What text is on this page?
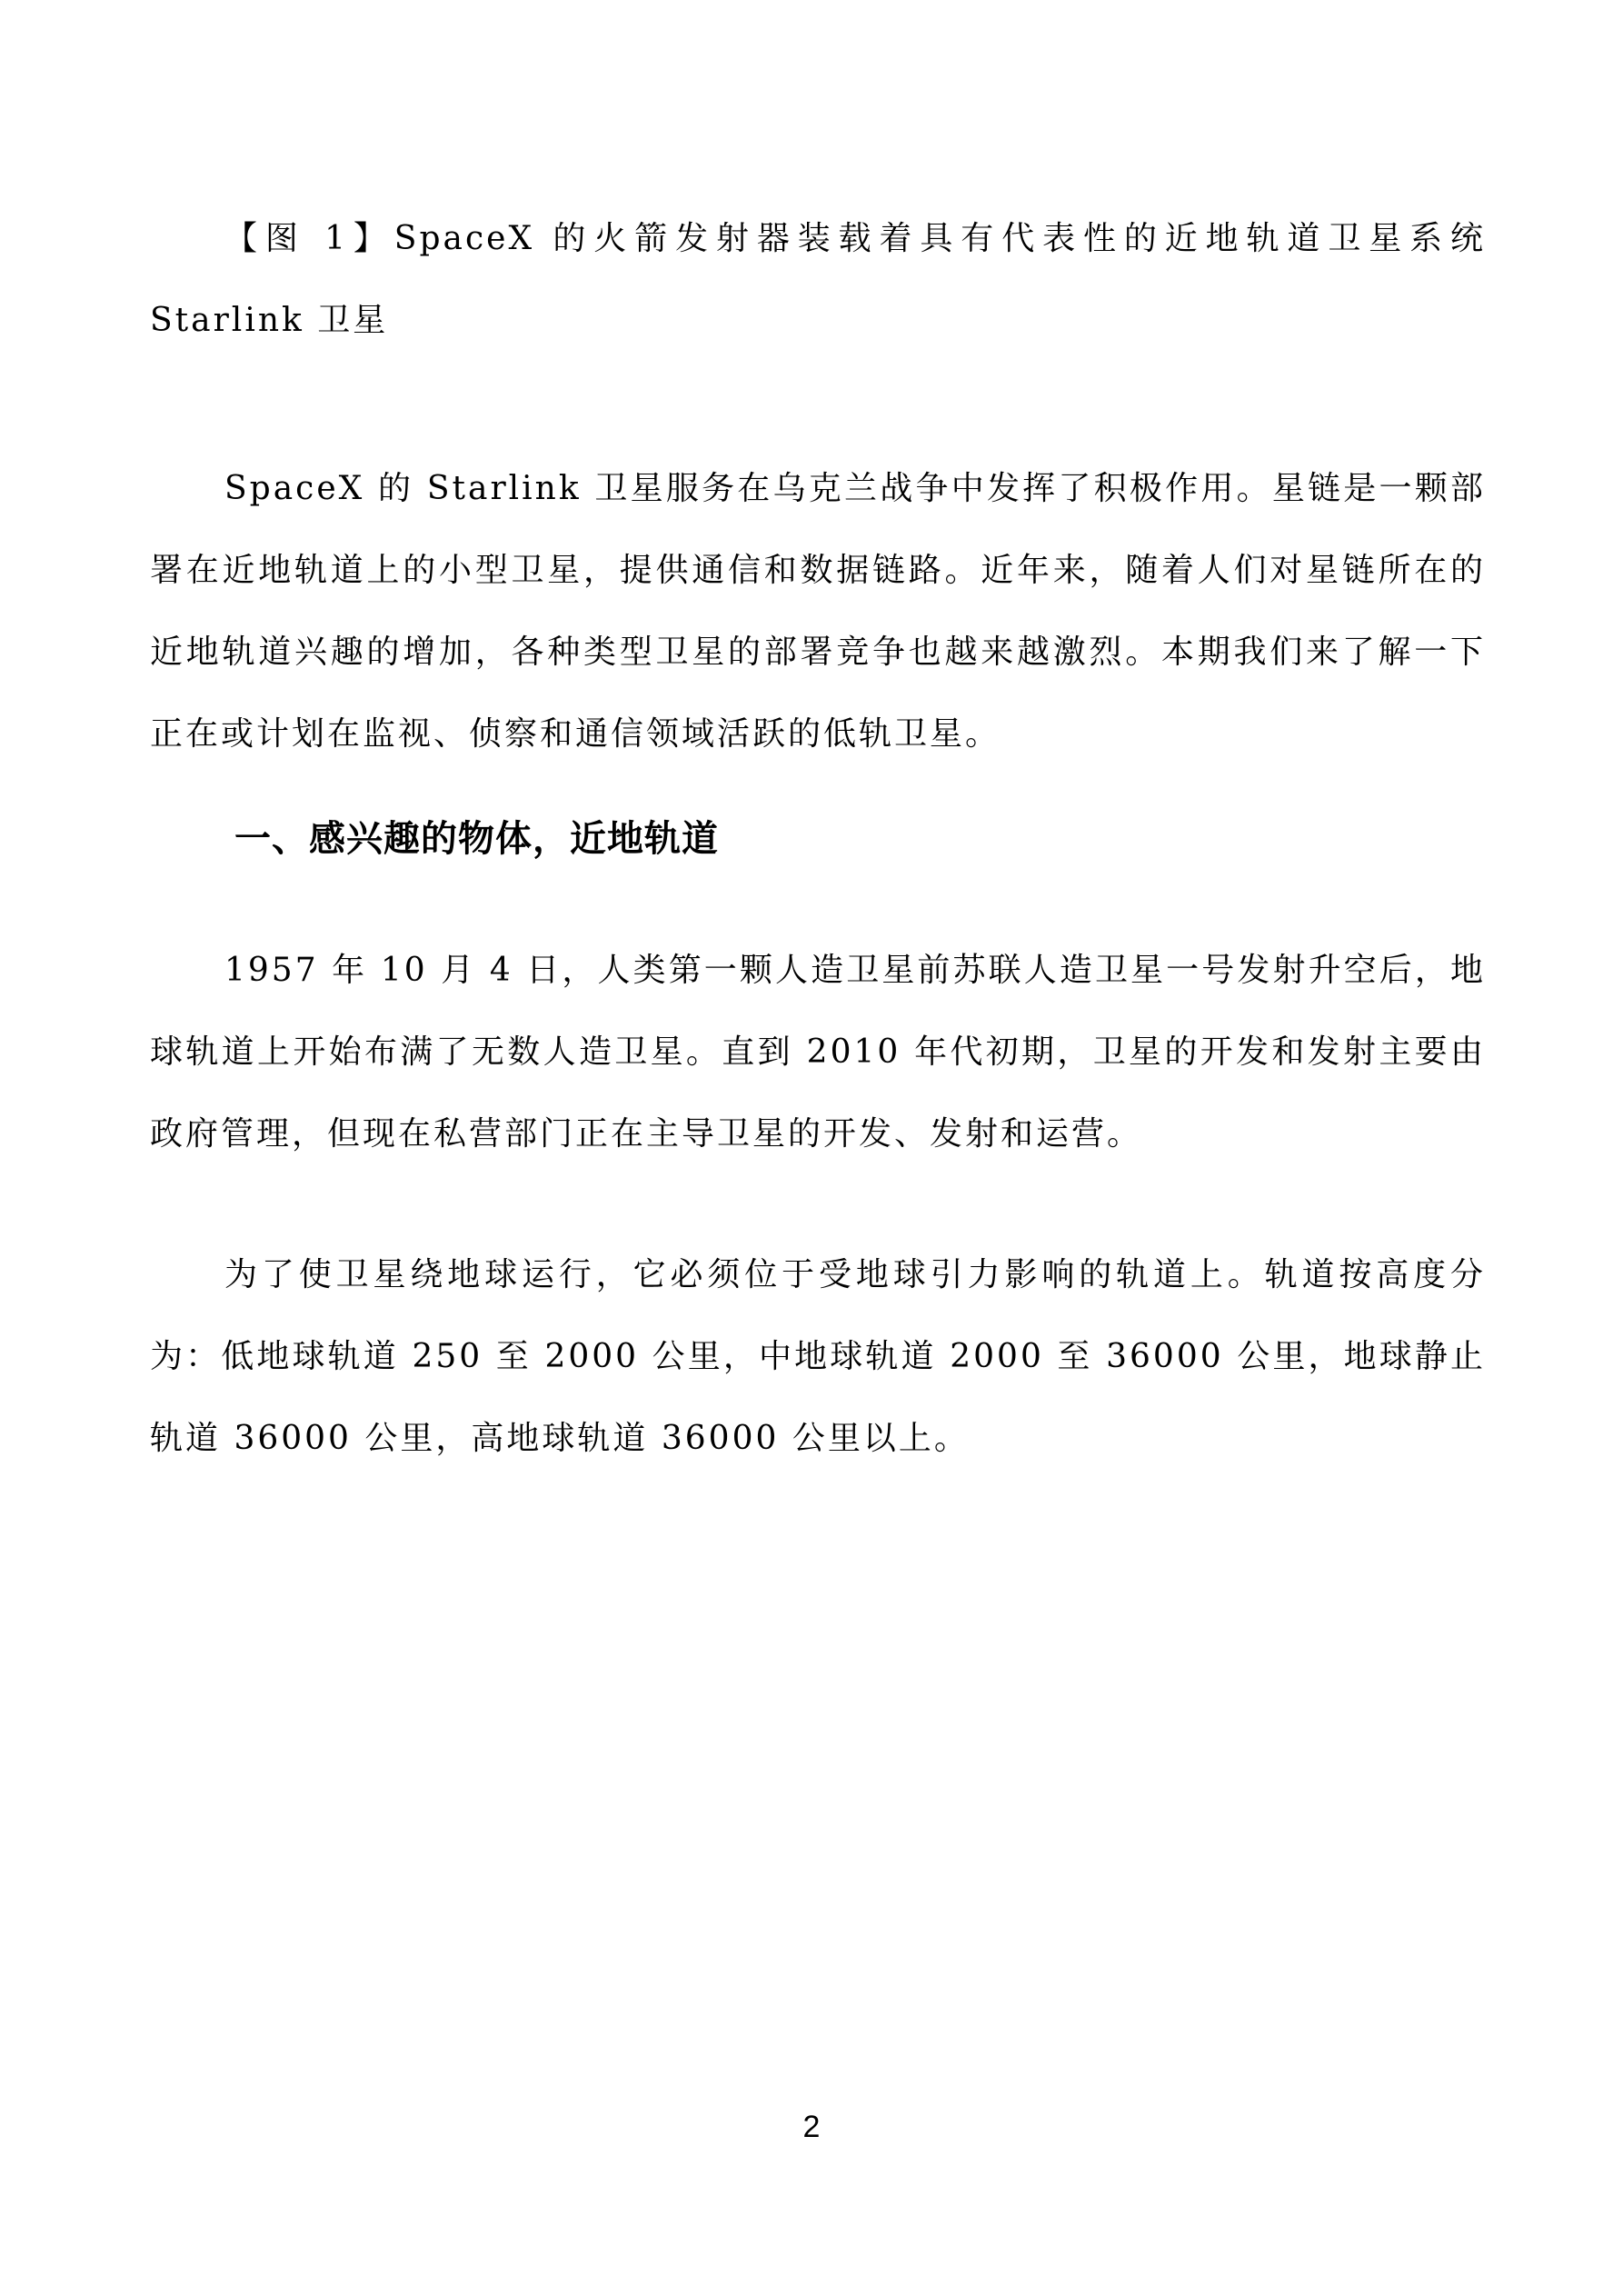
【图 1】SpaceX 的火箭发射器装载着具有代表性的近地轨道卫星系统 Starlink 卫星

SpaceX 的 Starlink 卫星服务在乌克兰战争中发挥了积极作用。星链是一颗部署在近地轨道上的小型卫星，提供通信和数据链路。近年来，随着人们对星链所在的近地轨道兴趣的增加，各种类型卫星的部署竞争也越来越激烈。本期我们来了解一下正在或计划在监视、侦察和通信领域活跃的低轨卫星。

一、感兴趣的物体，近地轨道

1957 年 10 月 4 日，人类第一颗人造卫星前苏联人造卫星一号发射升空后，地球轨道上开始布满了无数人造卫星。直到 2010 年代初期，卫星的开发和发射主要由政府管理，但现在私营部门正在主导卫星的开发、发射和运营。

为了使卫星绕地球运行，它必须位于受地球引力影响的轨道上。轨道按高度分为：低地球轨道 250 至 2000 公里，中地球轨道 2000 至 36000 公里，地球静止轨道 36000 公里，高地球轨道 36000 公里以上。

2
